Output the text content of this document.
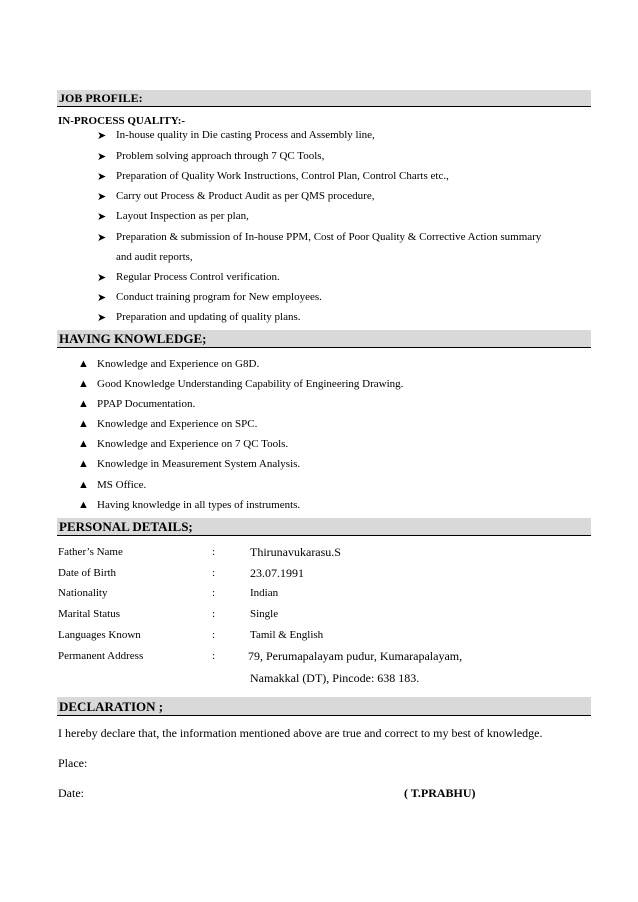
JOB PROFILE:
IN-PROCESS QUALITY:-
➤ In-house quality in Die casting Process and Assembly line,
➤ Problem solving approach through 7 QC Tools,
➤ Preparation of Quality Work Instructions, Control Plan, Control Charts etc.,
➤ Carry out Process & Product Audit as per QMS procedure,
➤ Layout Inspection as per plan,
➤ Preparation & submission of In-house PPM, Cost of Poor Quality & Corrective Action summary
and audit reports,
➤ Regular Process Control verification.
➤ Conduct training program for New employees.
➤ Preparation and updating of quality plans.
HAVING KNOWLEDGE;
▲ Knowledge and Experience on G8D.
▲ Good Knowledge Understanding Capability of Engineering Drawing.
▲ PPAP Documentation.
▲ Knowledge and Experience on SPC.
▲ Knowledge and Experience on 7 QC Tools.
▲ Knowledge in Measurement System Analysis.
▲ MS Office.
▲ Having knowledge in all types of instruments.
PERSONAL DETAILS;
Father’s Name	:	Thirunavukarasu.S
Date of Birth	:	23.07.1991
Nationality	:	Indian
Marital Status	:	Single
Languages Known	:	Tamil & English
Permanent Address	:	79, Perumapalayam pudur, Kumarapalayam,
Namakkal (DT), Pincode: 638 183.
DECLARATION ;
I hereby declare that, the information mentioned above are true and correct to my best of knowledge.
Place:
Date:	( T.PRABHU)
